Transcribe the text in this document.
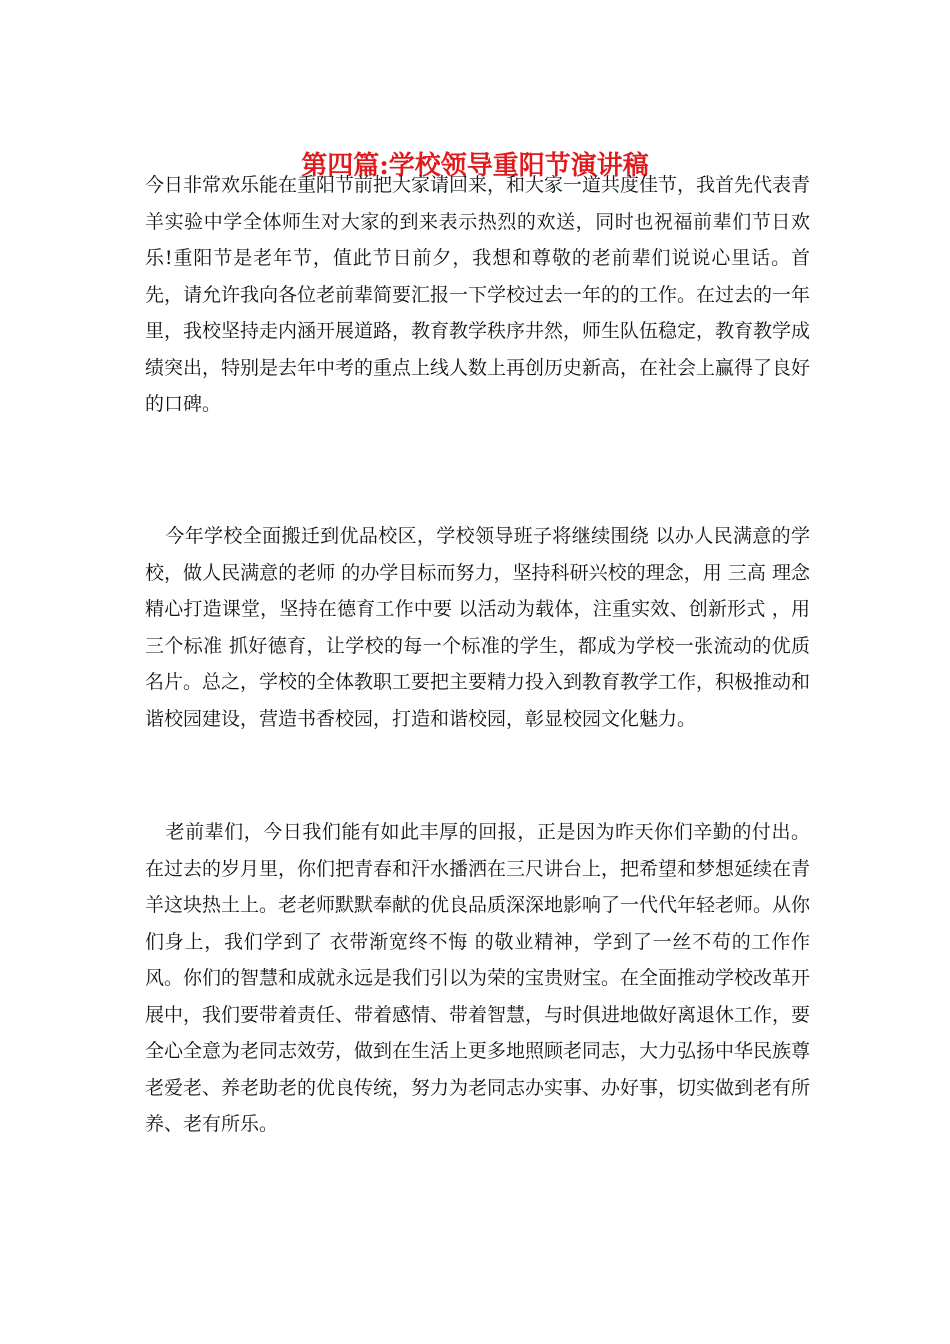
第四篇:学校领导重阳节演讲稿

今日非常欢乐能在重阳节前把大家请回来，和大家一道共度佳节，我首先代表青羊实验中学全体师生对大家的到来表示热烈的欢送，同时也祝福前辈们节日欢乐!重阳节是老年节，值此节日前夕，我想和尊敬的老前辈们说说心里话。首先，请允许我向各位老前辈简要汇报一下学校过去一年的的工作。在过去的一年里，我校坚持走内涵开展道路，教育教学秩序井然，师生队伍稳定，教育教学成绩突出，特别是去年中考的重点上线人数上再创历史新高，在社会上赢得了良好的口碑。

今年学校全面搬迁到优品校区，学校领导班子将继续围绕 以办人民满意的学校，做人民满意的老师 的办学目标而努力，坚持科研兴校的理念，用 三高 理念精心打造课堂，坚持在德育工作中要 以活动为载体，注重实效、创新形式 ，用 三个标准 抓好德育，让学校的每一个标准的学生，都成为学校一张流动的优质名片。总之，学校的全体教职工要把主要精力投入到教育教学工作，积极推动和谐校园建设，营造书香校园，打造和谐校园，彰显校园文化魅力。

老前辈们，今日我们能有如此丰厚的回报，正是因为昨天你们辛勤的付出。在过去的岁月里，你们把青春和汗水播洒在三尺讲台上，把希望和梦想延续在青羊这块热土上。老老师默默奉献的优良品质深深地影响了一代代年轻老师。从你们身上，我们学到了 衣带渐宽终不悔 的敬业精神，学到了一丝不苟的工作作风。你们的智慧和成就永远是我们引以为荣的宝贵财宝。在全面推动学校改革开展中，我们要带着责任、带着感情、带着智慧，与时俱进地做好离退休工作，要全心全意为老同志效劳，做到在生活上更多地照顾老同志，大力弘扬中华民族尊老爱老、养老助老的优良传统，努力为老同志办实事、办好事，切实做到老有所养、老有所乐。
